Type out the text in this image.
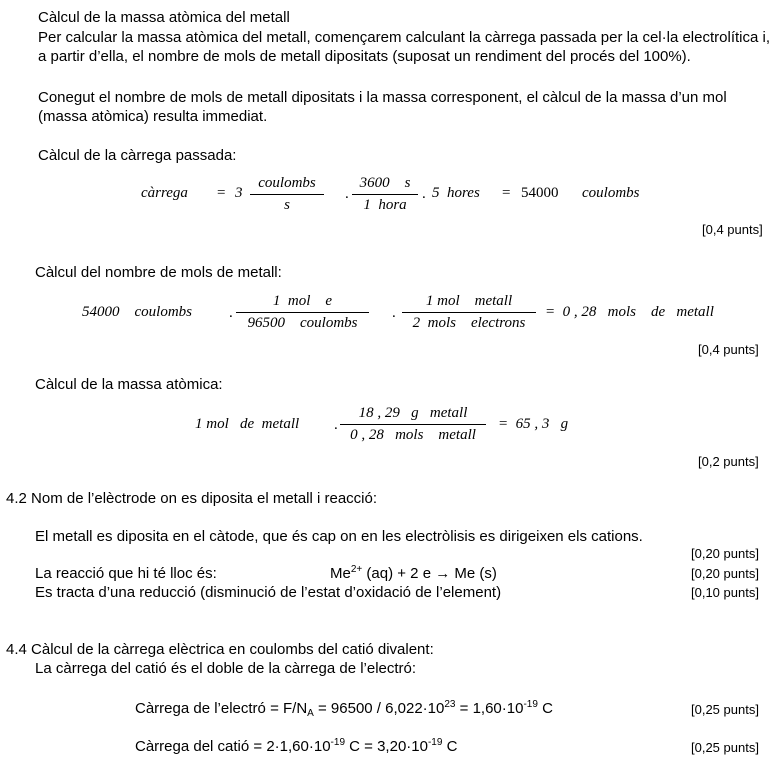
Càlcul de la massa atòmica del metall
Per calcular la massa atòmica del metall, començarem calculant la càrrega passada per la cel·la electrolítica i, a partir d’ella, el nombre de mols de metall dipositats (suposat un rendiment del procés del 100%).
Conegut el nombre de mols de metall dipositats i la massa corresponent, el càlcul de la massa d’un mol (massa atòmica) resulta immediat.
Càlcul de la càrrega passada:
càrrega = 3
coulombs
s
.
3600    s
1  hora
. 5  hores = 54000 coulombs
[0,4 punts]
Càlcul del nombre de mols de metall:
54000    coulombs .
1  mol    e
96500    coulombs
.
1 mol    metall
2  mols    electrons
=  0 , 28   mols    de   metall
[0,4 punts]
Càlcul de la massa atòmica:
1 mol   de  metall .
18 , 29   g   metall
0 , 28   mols    metall
=  65 , 3   g
[0,2 punts]
4.2 Nom de l’elèctrode on es diposita el metall i reacció:
El metall es diposita en el càtode, que és cap on en les electròlisis es dirigeixen els cations.
[0,20 punts]
La reacció que hi té lloc és:	$Me^{2+}$ (aq) + 2 e → Me (s)	[0,20 punts]
Es tracta d’una reducció (disminució de l’estat d’oxidació de l’element)	[0,10 punts]
4.4 Càlcul de la càrrega elèctrica en coulombs del catió divalent:
La càrrega del catió és el doble de la càrrega de l’electró:
Càrrega de l’electró = $F/N_A = 96500 / 6,022\cdot 10^{23} = 1,60\cdot 10^{-19}$ C	[0,25 punts]
Càrrega del catió = $2\cdot 1,60\cdot 10^{-19}$ $C = 3,20\cdot 10^{-19}$ C	[0,25 punts]
